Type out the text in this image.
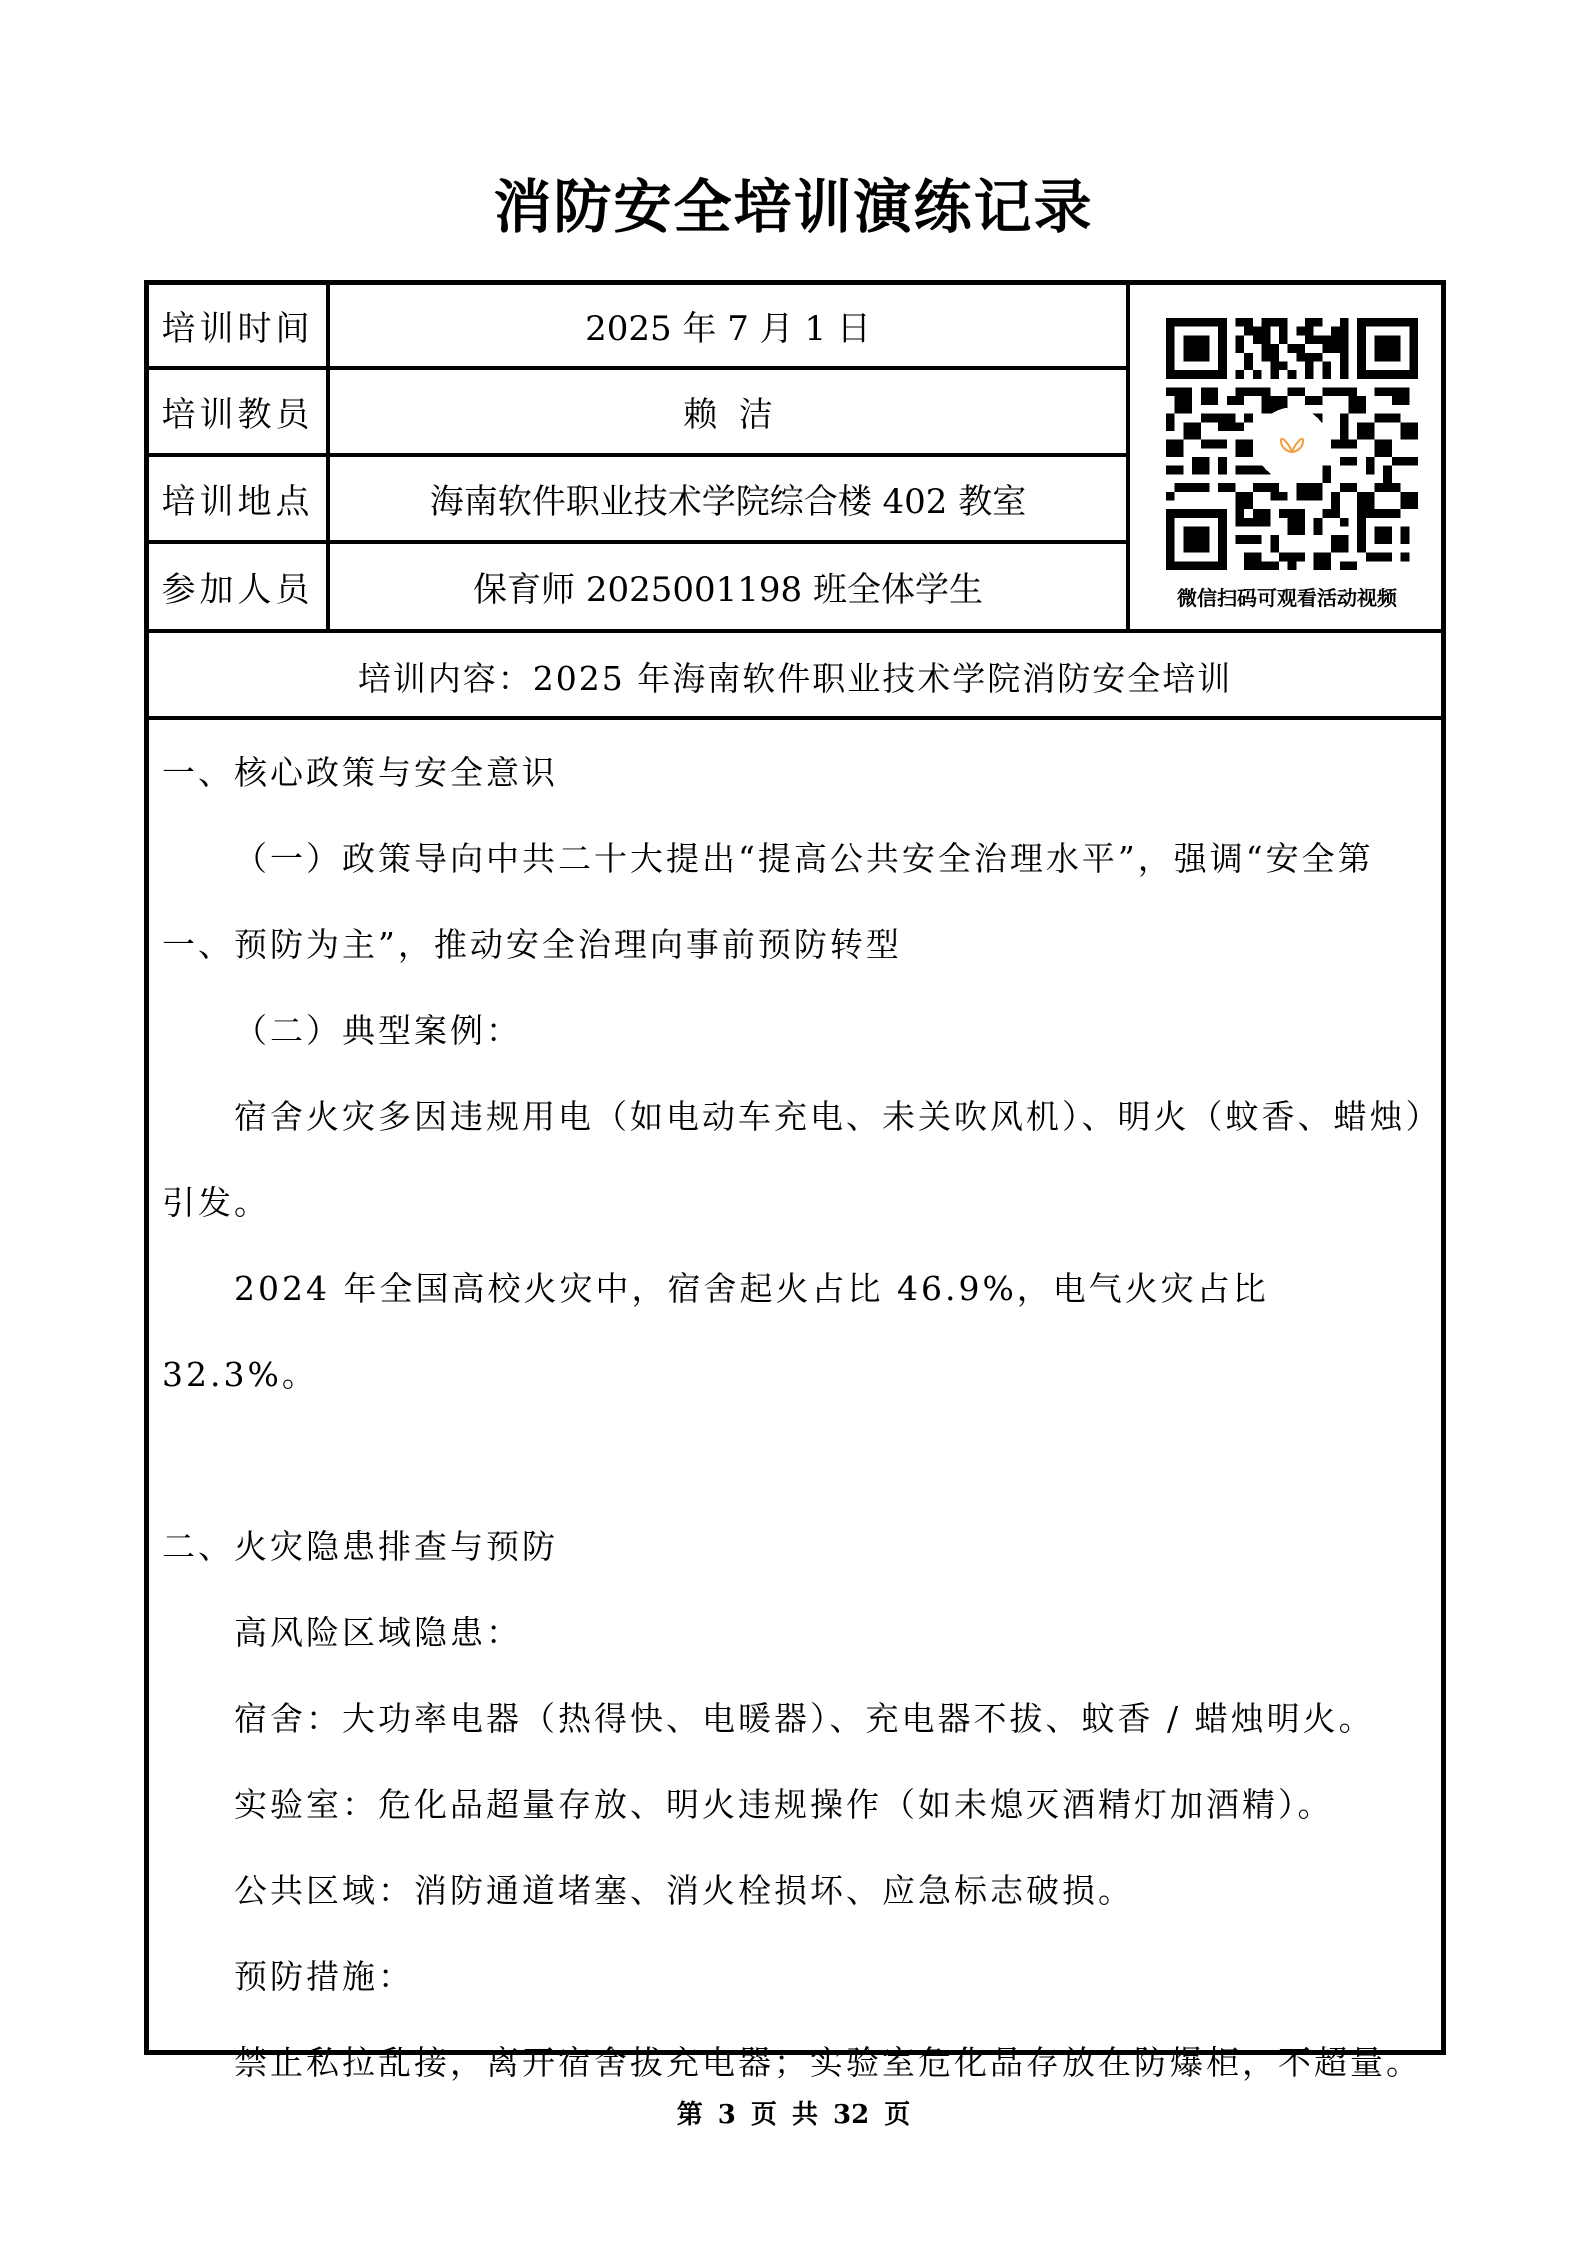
消防安全培训演练记录
培训时间	2025 年 7 月 1 日
培训教员	赖  洁
培训地点	海南软件职业技术学院综合楼 402 教室
参加人员	保育师 2025001198 班全体学生	微信扫码可观看活动视频
培训内容：2025 年海南软件职业技术学院消防安全培训

一、核心政策与安全意识

（一）政策导向中共二十大提出“提高公共安全治理水平”，强调“安全第一、预防为主”，推动安全治理向事前预防转型

（二）典型案例：

宿舍火灾多因违规用电（如电动车充电、未关吹风机）、明火（蚊香、蜡烛）引发。

2024 年全国高校火灾中，宿舍起火占比 46.9%，电气火灾占比 32.3%。

二、火灾隐患排查与预防

高风险区域隐患：

宿舍：大功率电器（热得快、电暖器）、充电器不拔、蚊香 / 蜡烛明火。

实验室：危化品超量存放、明火违规操作（如未熄灭酒精灯加酒精）。

公共区域：消防通道堵塞、消火栓损坏、应急标志破损。

预防措施：

禁止私拉乱接，离开宿舍拔充电器；实验室危化品存放在防爆柜，不超量。

第 3 页 共 32 页
